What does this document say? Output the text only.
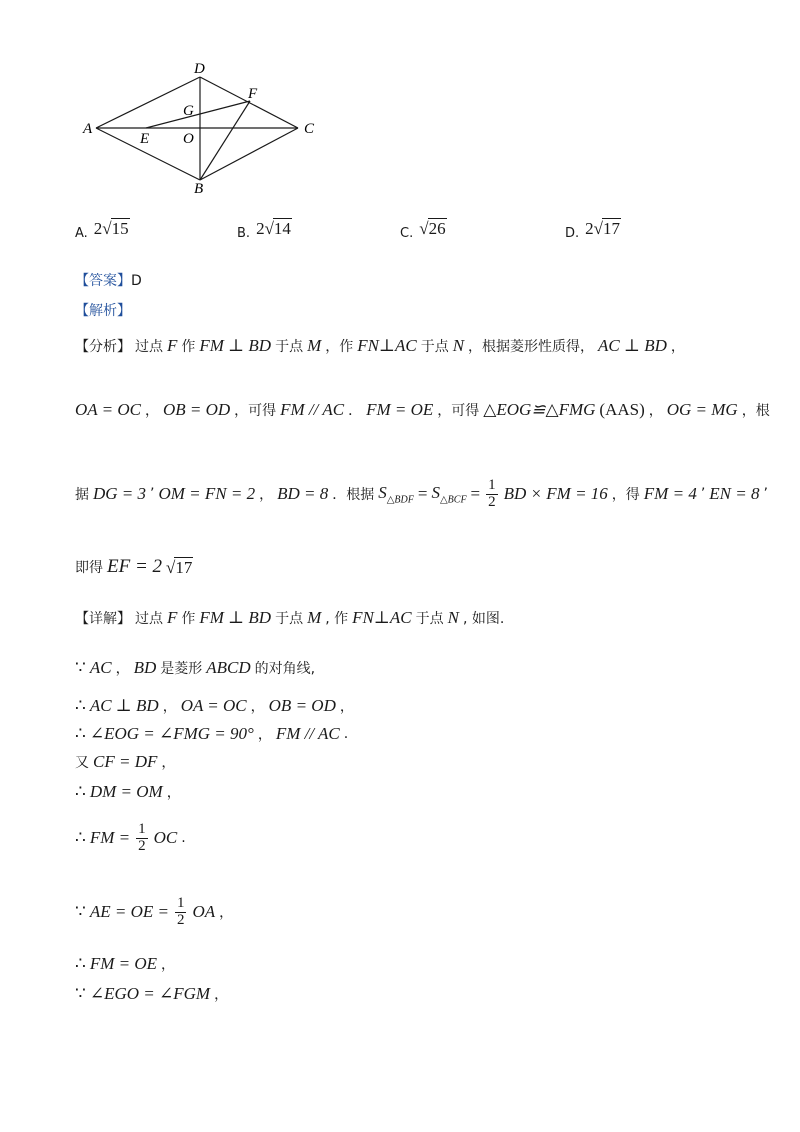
D
F
G
A
E O
C
B
A. 2 √ 15	B. 2 √ 14	C. √ 26	D. 2 √ 17
【答案】D
【解析】
【分析】 过点 F 作 FM ⊥ BD 于点 M ，作 FN⊥AC 于点 N ，根据菱形性质得， AC ⊥ BD ，
OA = OC ， OB = OD ，可得 FM // AC ． FM = OE ，可得 △EOG≌△FMG (AAS) ， OG = MG ，根
据 DG = 3 ’ OM = FN = 2 ， BD = 8 ．根据 $S_{\triangle BDF} = S_{\triangle BCF} = \frac{1}{2}$ BD × FM = 16 ，得 FM = 4 ’ EN = 8 ’
即得 EF = 2 √ 17
【详解】 过点 F 作 FM ⊥ BD 于点 M , 作 FN⊥AC 于点 N , 如图.
∵ AC ， BD 是菱形 ABCD 的对角线,
∴ AC ⊥ BD ， OA = OC ， OB = OD ，
∴ ∠EOG = ∠FMG = 90° ， FM // AC .
又 CF = DF ，
∴ DM = OM ，
∴ FM = $\frac{1}{2}$ OC .
∵ AE = OE = $\frac{1}{2}$ OA ，
∴ FM = OE ，
∵ ∠EGO = ∠FGM ，
